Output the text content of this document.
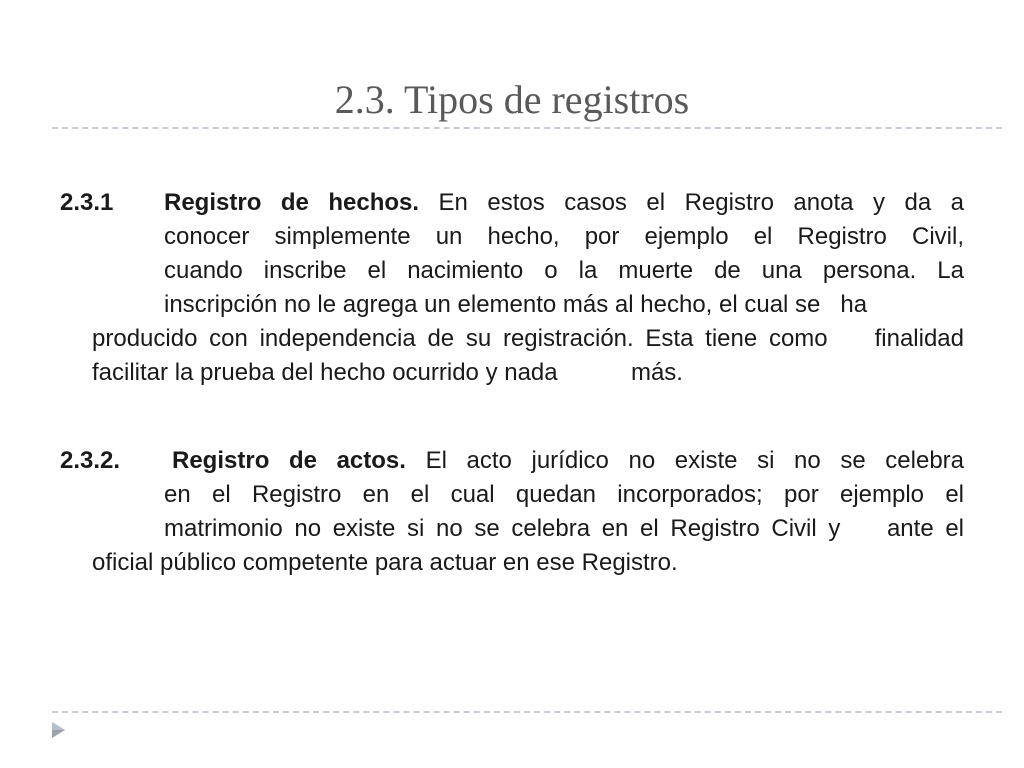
2.3. Tipos de registros
2.3.1 Registro de hechos. En estos casos el Registro anota y da a
conocer simplemente un hecho, por ejemplo el Registro Civil,
cuando inscribe el nacimiento o la muerte de una persona. La
inscripción no le agrega un elemento más al hecho, el cual se   ha
producido con independencia de su registración. Esta tiene como    finalidad
facilitar la prueba del hecho ocurrido y nada           más.
2.3.2. Registro de actos. El acto jurídico no existe si no se celebra
en el Registro en el cual quedan incorporados; por ejemplo el
matrimonio no existe si no se celebra en el Registro Civil y    ante el
oficial público competente para actuar en ese Registro.
